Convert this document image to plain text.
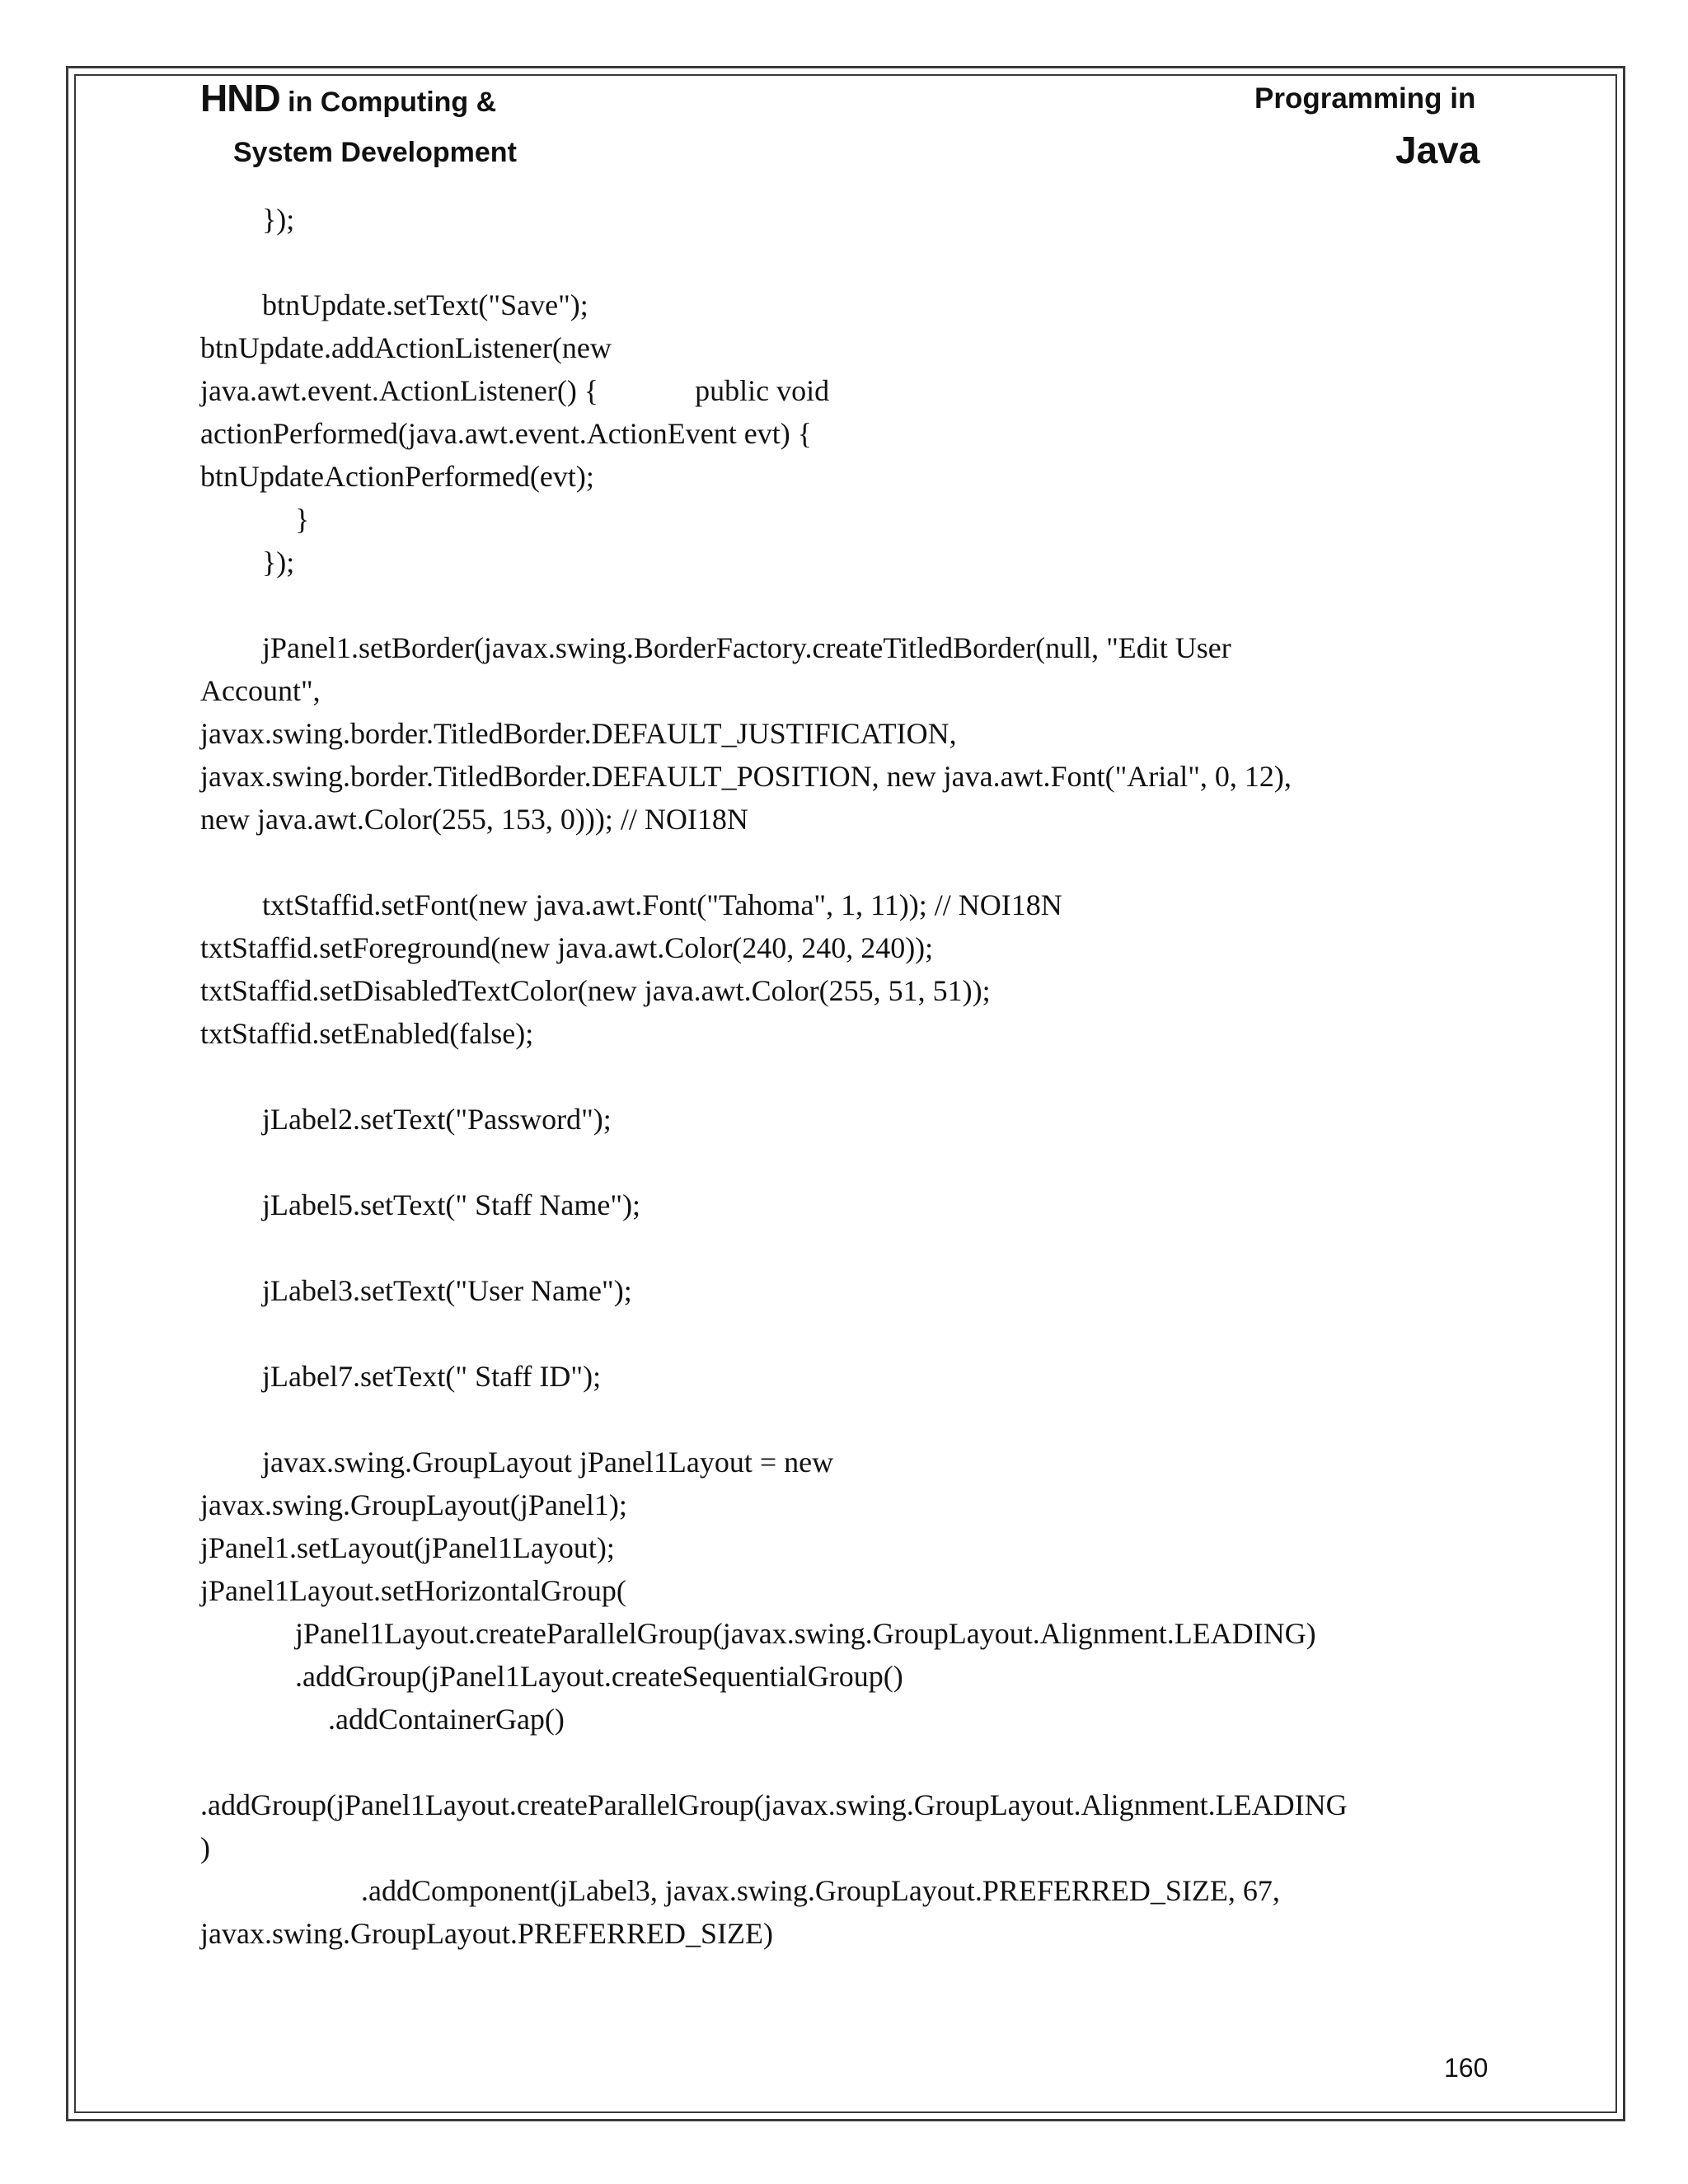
HND in Computing &
System Development
Programming in
Java
});
btnUpdate.setText("Save");
btnUpdate.addActionListener(new
java.awt.event.ActionListener() {             public void
actionPerformed(java.awt.event.ActionEvent evt) {
btnUpdateActionPerformed(evt);
}
});
jPanel1.setBorder(javax.swing.BorderFactory.createTitledBorder(null, "Edit User
Account",
javax.swing.border.TitledBorder.DEFAULT_JUSTIFICATION,
javax.swing.border.TitledBorder.DEFAULT_POSITION, new java.awt.Font("Arial", 0, 12),
new java.awt.Color(255, 153, 0))); // NOI18N
txtStaffid.setFont(new java.awt.Font("Tahoma", 1, 11)); // NOI18N
txtStaffid.setForeground(new java.awt.Color(240, 240, 240));
txtStaffid.setDisabledTextColor(new java.awt.Color(255, 51, 51));
txtStaffid.setEnabled(false);
jLabel2.setText("Password");
jLabel5.setText(" Staff Name");
jLabel3.setText("User Name");
jLabel7.setText(" Staff ID");
javax.swing.GroupLayout jPanel1Layout = new
javax.swing.GroupLayout(jPanel1);
jPanel1.setLayout(jPanel1Layout);
jPanel1Layout.setHorizontalGroup(
jPanel1Layout.createParallelGroup(javax.swing.GroupLayout.Alignment.LEADING)
.addGroup(jPanel1Layout.createSequentialGroup()
.addContainerGap()
.addGroup(jPanel1Layout.createParallelGroup(javax.swing.GroupLayout.Alignment.LEADING
)
.addComponent(jLabel3, javax.swing.GroupLayout.PREFERRED_SIZE, 67,
javax.swing.GroupLayout.PREFERRED_SIZE)
160
